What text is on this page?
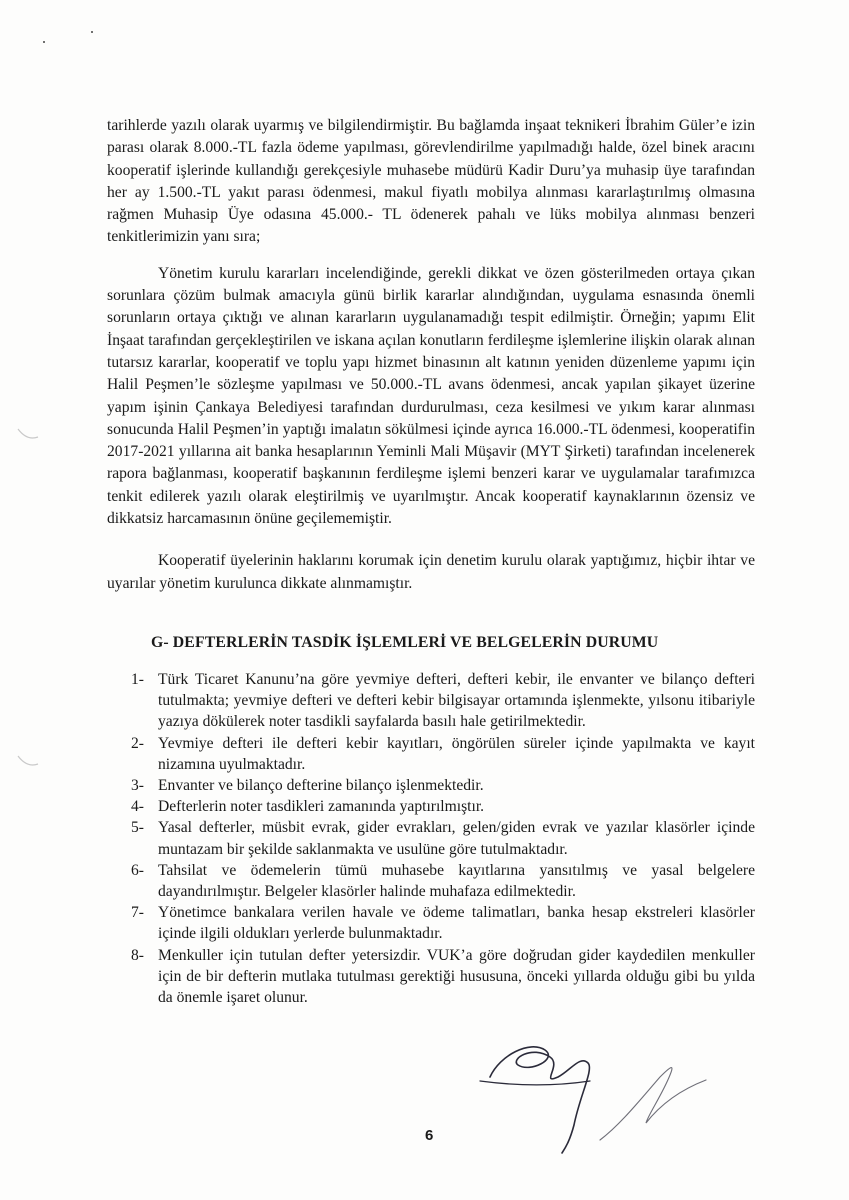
tarihlerde yazılı olarak uyarmış ve bilgilendirmiştir. Bu bağlamda inşaat teknikeri İbrahim Güler’e izin parası olarak 8.000.-TL fazla ödeme yapılması, görevlendirilme yapılmadığı halde, özel binek aracını kooperatif işlerinde kullandığı gerekçesiyle muhasebe müdürü Kadir Duru’ya muhasip üye tarafından her ay 1.500.-TL yakıt parası ödenmesi, makul fiyatlı mobilya alınması kararlaştırılmış olmasına rağmen Muhasip Üye odasına 45.000.- TL ödenerek pahalı ve lüks mobilya alınması benzeri tenkitlerimizin yanı sıra;

Yönetim kurulu kararları incelendiğinde, gerekli dikkat ve özen gösterilmeden ortaya çıkan sorunlara çözüm bulmak amacıyla günü birlik kararlar alındığından, uygulama esnasında önemli sorunların ortaya çıktığı ve alınan kararların uygulanamadığı tespit edilmiştir. Örneğin; yapımı Elit İnşaat tarafından gerçekleştirilen ve iskana açılan konutların ferdileşme işlemlerine ilişkin olarak alınan tutarsız kararlar, kooperatif ve toplu yapı hizmet binasının alt katının yeniden düzenleme yapımı için Halil Peşmen’le sözleşme yapılması ve 50.000.-TL avans ödenmesi, ancak yapılan şikayet üzerine yapım işinin Çankaya Belediyesi tarafından durdurulması, ceza kesilmesi ve yıkım karar alınması sonucunda Halil Peşmen’in yaptığı imalatın sökülmesi içinde ayrıca 16.000.-TL ödenmesi, kooperatifin 2017-2021 yıllarına ait banka hesaplarının Yeminli Mali Müşavir (MYT Şirketi) tarafından incelenerek rapora bağlanması, kooperatif başkanının ferdileşme işlemi benzeri karar ve uygulamalar tarafımızca tenkit edilerek yazılı olarak eleştirilmiş ve uyarılmıştır. Ancak kooperatif kaynaklarının özensiz ve dikkatsiz harcamasının önüne geçilememiştir.

Kooperatif üyelerinin haklarını korumak için denetim kurulu olarak yaptığımız, hiçbir ihtar ve uyarılar yönetim kurulunca dikkate alınmamıştır.

G- DEFTERLERİN TASDİK İŞLEMLERİ VE BELGELERİN DURUMU
1- Türk Ticaret Kanunu’na göre yevmiye defteri, defteri kebir, ile envanter ve bilanço defteri tutulmakta; yevmiye defteri ve defteri kebir bilgisayar ortamında işlenmekte, yılsonu itibariyle yazıya dökülerek noter tasdikli sayfalarda basılı hale getirilmektedir.
2- Yevmiye defteri ile defteri kebir kayıtları, öngörülen süreler içinde yapılmakta ve kayıt nizamına uyulmaktadır.
3- Envanter ve bilanço defterine bilanço işlenmektedir.
4- Defterlerin noter tasdikleri zamanında yaptırılmıştır.
5- Yasal defterler, müsbit evrak, gider evrakları, gelen/giden evrak ve yazılar klasörler içinde muntazam bir şekilde saklanmakta ve usulüne göre tutulmaktadır.
6- Tahsilat ve ödemelerin tümü muhasebe kayıtlarına yansıtılmış ve yasal belgelere dayandırılmıştır. Belgeler klasörler halinde muhafaza edilmektedir.
7- Yönetimce bankalara verilen havale ve ödeme talimatları, banka hesap ekstreleri klasörler içinde ilgili oldukları yerlerde bulunmaktadır.
8- Menkuller için tutulan defter yetersizdir. VUK’a göre doğrudan gider kaydedilen menkuller için de bir defterin mutlaka tutulması gerektiği hususuna, önceki yıllarda olduğu gibi bu yılda da önemle işaret olunur.
6
